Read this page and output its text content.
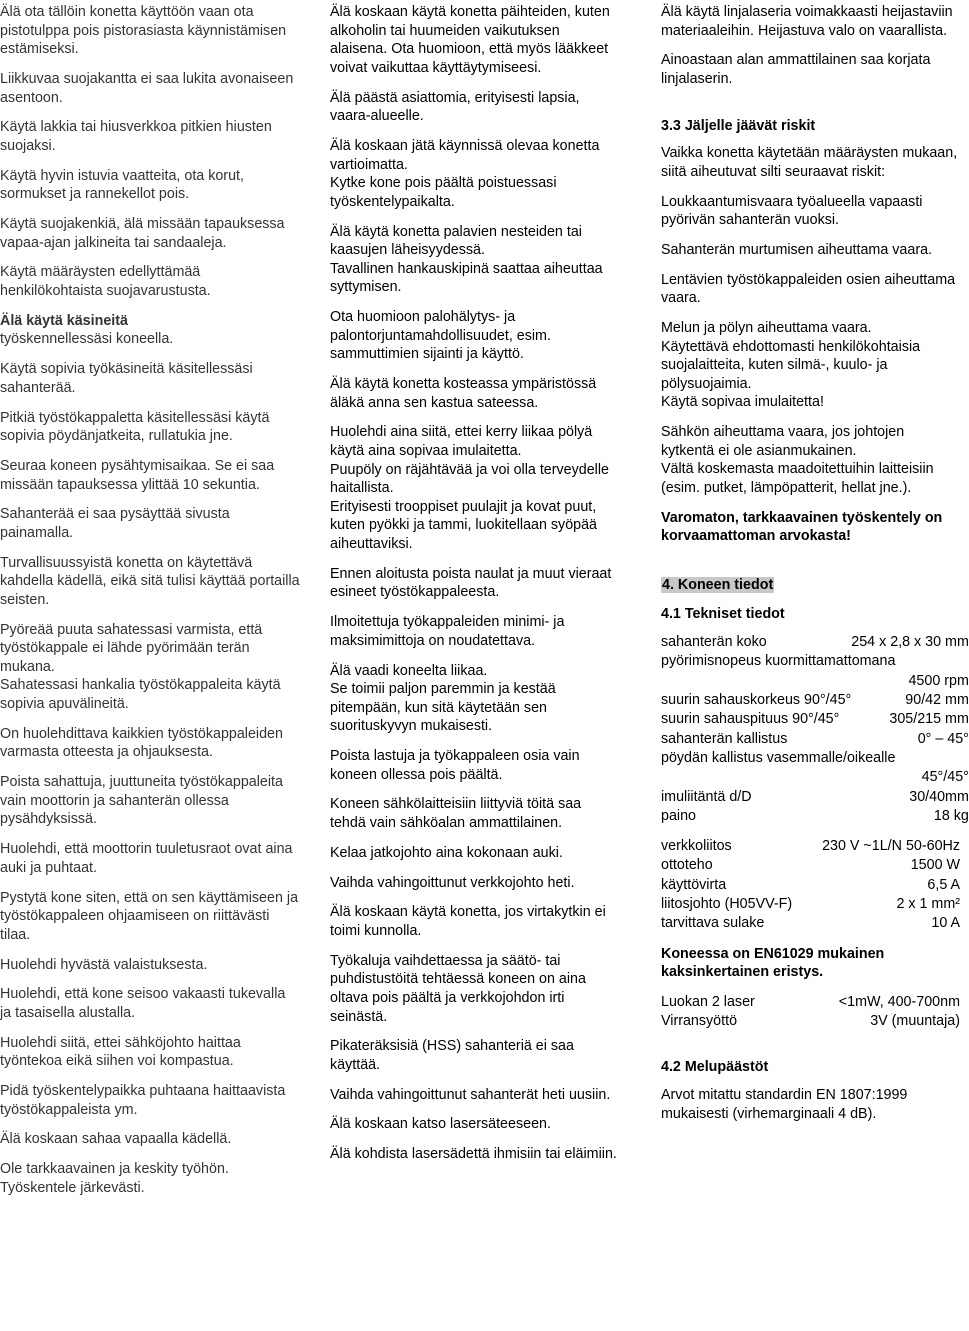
Älä ota tällöin konetta käyttöön vaan ota pistotulppa pois pistorasiasta käynnistämisen estämiseksi.

Liikkuvaa suojakantta ei saa lukita avonaiseen asentoon.

Käytä lakkia tai hiusverkkoa pitkien hiusten suojaksi.

Käytä hyvin istuvia vaatteita, ota korut, sormukset ja rannekellot pois.

Käytä suojakenkiä, älä missään tapauksessa vapaa-ajan jalkineita tai sandaaleja.

Käytä määräysten edellyttämää henkilökohtaista suojavarustusta.

Älä käytä käsineitä
työskennellessäsi koneella.

Käytä sopivia työkäsineitä käsitellessäsi sahanterää.

Pitkiä työstökappaletta käsitellessäsi käytä sopivia pöydänjatkeita, rullatukia jne.

Seuraa koneen pysähtymisaikaa. Se ei saa missään tapauksessa ylittää 10 sekuntia.

Sahanterää ei saa pysäyttää sivusta painamalla.

Turvallisuussyistä konetta on käytettävä kahdella kädellä, eikä sitä tulisi käyttää portailla seisten.

Pyöreää puuta sahatessasi varmista, että työstökappale ei lähde pyörimään terän mukana.
Sahatessasi hankalia työstökappaleita käytä sopivia apuvälineitä.

On huolehdittava kaikkien työstökappaleiden varmasta otteesta ja ohjauksesta.

Poista sahattuja, juuttuneita työstökappaleita vain moottorin ja sahanterän ollessa pysähdyksissä.

Huolehdi, että moottorin tuuletusraot ovat aina auki ja puhtaat.

Pystytä kone siten, että on sen käyttämiseen ja työstökappaleen ohjaamiseen on riittävästi tilaa.

Huolehdi hyvästä valaistuksesta.

Huolehdi, että kone seisoo vakaasti tukevalla ja tasaisella alustalla.

Huolehdi siitä, ettei sähköjohto haittaa työntekoa eikä siihen voi kompastua.

Pidä työskentelypaikka puhtaana haittaavista työstökappaleista ym.

Älä koskaan sahaa vapaalla kädellä.

Ole tarkkaavainen ja keskity työhön. Työskentele järkevästi.

Älä koskaan käytä konetta päihteiden, kuten alkoholin tai huumeiden vaikutuksen alaisena. Ota huomioon, että myös lääkkeet voivat vaikuttaa käyttäytymiseesi.

Älä päästä asiattomia, erityisesti lapsia, vaara-alueelle.

Älä koskaan jätä käynnissä olevaa konetta vartioimatta.
Kytke kone pois päältä poistuessasi työskentelypaikalta.

Älä käytä konetta palavien nesteiden tai kaasujen läheisyydessä.
Tavallinen hankauskipinä saattaa aiheuttaa syttymisen.

Ota huomioon palohälytys- ja palontorjuntamahdollisuudet, esim. sammuttimien sijainti ja käyttö.

Älä käytä konetta kosteassa ympäristössä äläkä anna sen kastua sateessa.

Huolehdi aina siitä, ettei kerry liikaa pölyä käytä aina sopivaa imulaitetta.
Puupöly on räjähtävää ja voi olla terveydelle haitallista.
Erityisesti trooppiset puulajit ja kovat puut, kuten pyökki ja tammi, luokitellaan syöpää aiheuttaviksi.

Ennen aloitusta poista naulat ja muut vieraat esineet työstökappaleesta.

Ilmoitettuja työkappaleiden minimi- ja maksimimittoja on noudatettava.

Älä vaadi koneelta liikaa.
Se toimii paljon paremmin ja kestää pitempään, kun sitä käytetään sen suorituskyvyn mukaisesti.

Poista lastuja ja työkappaleen osia vain koneen ollessa pois päältä.

Koneen sähkölaitteisiin liittyviä töitä saa tehdä vain sähköalan ammattilainen.

Kelaa jatkojohto aina kokonaan auki.

Vaihda vahingoittunut verkkojohto heti.

Älä koskaan käytä konetta, jos virtakytkin ei toimi kunnolla.

Työkaluja vaihdettaessa ja säätö- tai puhdistustöitä tehtäessä koneen on aina oltava pois päältä ja verkkojohdon irti seinästä.

Pikateräksisiä (HSS) sahanteriä ei saa käyttää.

Vaihda vahingoittunut sahanterät heti uusiin.

Älä koskaan katso lasersäteeseen.

Älä kohdista lasersädettä ihmisiin tai eläimiin.

Älä käytä linjalaseria voimakkaasti heijastaviin materiaaleihin. Heijastuva valo on vaarallista.

Ainoastaan alan ammattilainen saa korjata linjalaserin.

3.3 Jäljelle jäävät riskit

Vaikka konetta käytetään määräysten mukaan, siitä aiheutuvat silti seuraavat riskit:

Loukkaantumisvaara työalueella vapaasti pyörivän sahanterän vuoksi.

Sahanterän murtumisen aiheuttama vaara.

Lentävien työstökappaleiden osien aiheuttama vaara.

Melun ja pölyn aiheuttama vaara.
Käytettävä ehdottomasti henkilökohtaisia suojalaitteita, kuten silmä-, kuulo- ja pölysuojaimia.
Käytä sopivaa imulaitetta!

Sähkön aiheuttama vaara, jos johtojen kytkentä ei ole asianmukainen.
Vältä koskemasta maadoitettuihin laitteisiin (esim. putket, lämpöpatterit, hellat jne.).

Varomaton, tarkkaavainen työskentely on korvaamattoman arvokasta!

4. Koneen tiedot

4.1 Tekniset tiedot

sahanterän koko	254 x 2,8 x 30 mm
pyörimisnopeus kuormittamattomana	
	4500 rpm
suurin sahauskorkeus 90°/45°	90/42 mm
suurin sahauspituus 90°/45°	305/215 mm
sahanterän kallistus	0° – 45°
pöydän kallistus vasemmalle/oikealle	
	45°/45°
imuliitäntä d/D	30/40mm
paino	18 kg
verkkoliitos	230 V ~1L/N 50-60Hz
ottoteho	1500 W
käyttövirta	6,5 A
liitosjohto (H05VV-F)	2 x 1 mm²
tarvittava sulake	10 A

Koneessa on EN61029 mukainen kaksinkertainen eristys.

Luokan 2 laser	<1mW, 400-700nm
Virransyöttö	3V (muuntaja)

4.2 Melupäästöt

Arvot mitattu standardin EN 1807:1999 mukaisesti (virhemarginaali 4 dB).
